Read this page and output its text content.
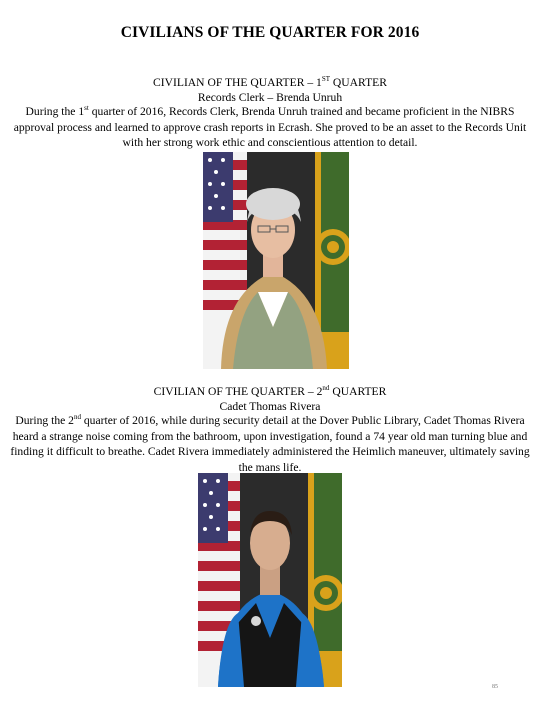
CIVILIANS OF THE QUARTER FOR 2016
CIVILIAN OF THE QUARTER – 1ST QUARTER
Records Clerk – Brenda Unruh
During the 1st quarter of 2016, Records Clerk, Brenda Unruh trained and became proficient in the NIBRS approval process and learned to approve crash reports in Ecrash. She proved to be an asset to the Records Unit with her strong work ethic and conscientious attention to detail.
CIVILIAN OF THE QUARTER – 2nd QUARTER
Cadet Thomas Rivera
During the 2nd quarter of 2016, while during security detail at the Dover Public Library, Cadet Thomas Rivera heard a strange noise coming from the bathroom, upon investigation, found a 74 year old man turning blue and finding it difficult to breathe. Cadet Rivera immediately administered the Heimlich maneuver, ultimately saving the mans life.
85
